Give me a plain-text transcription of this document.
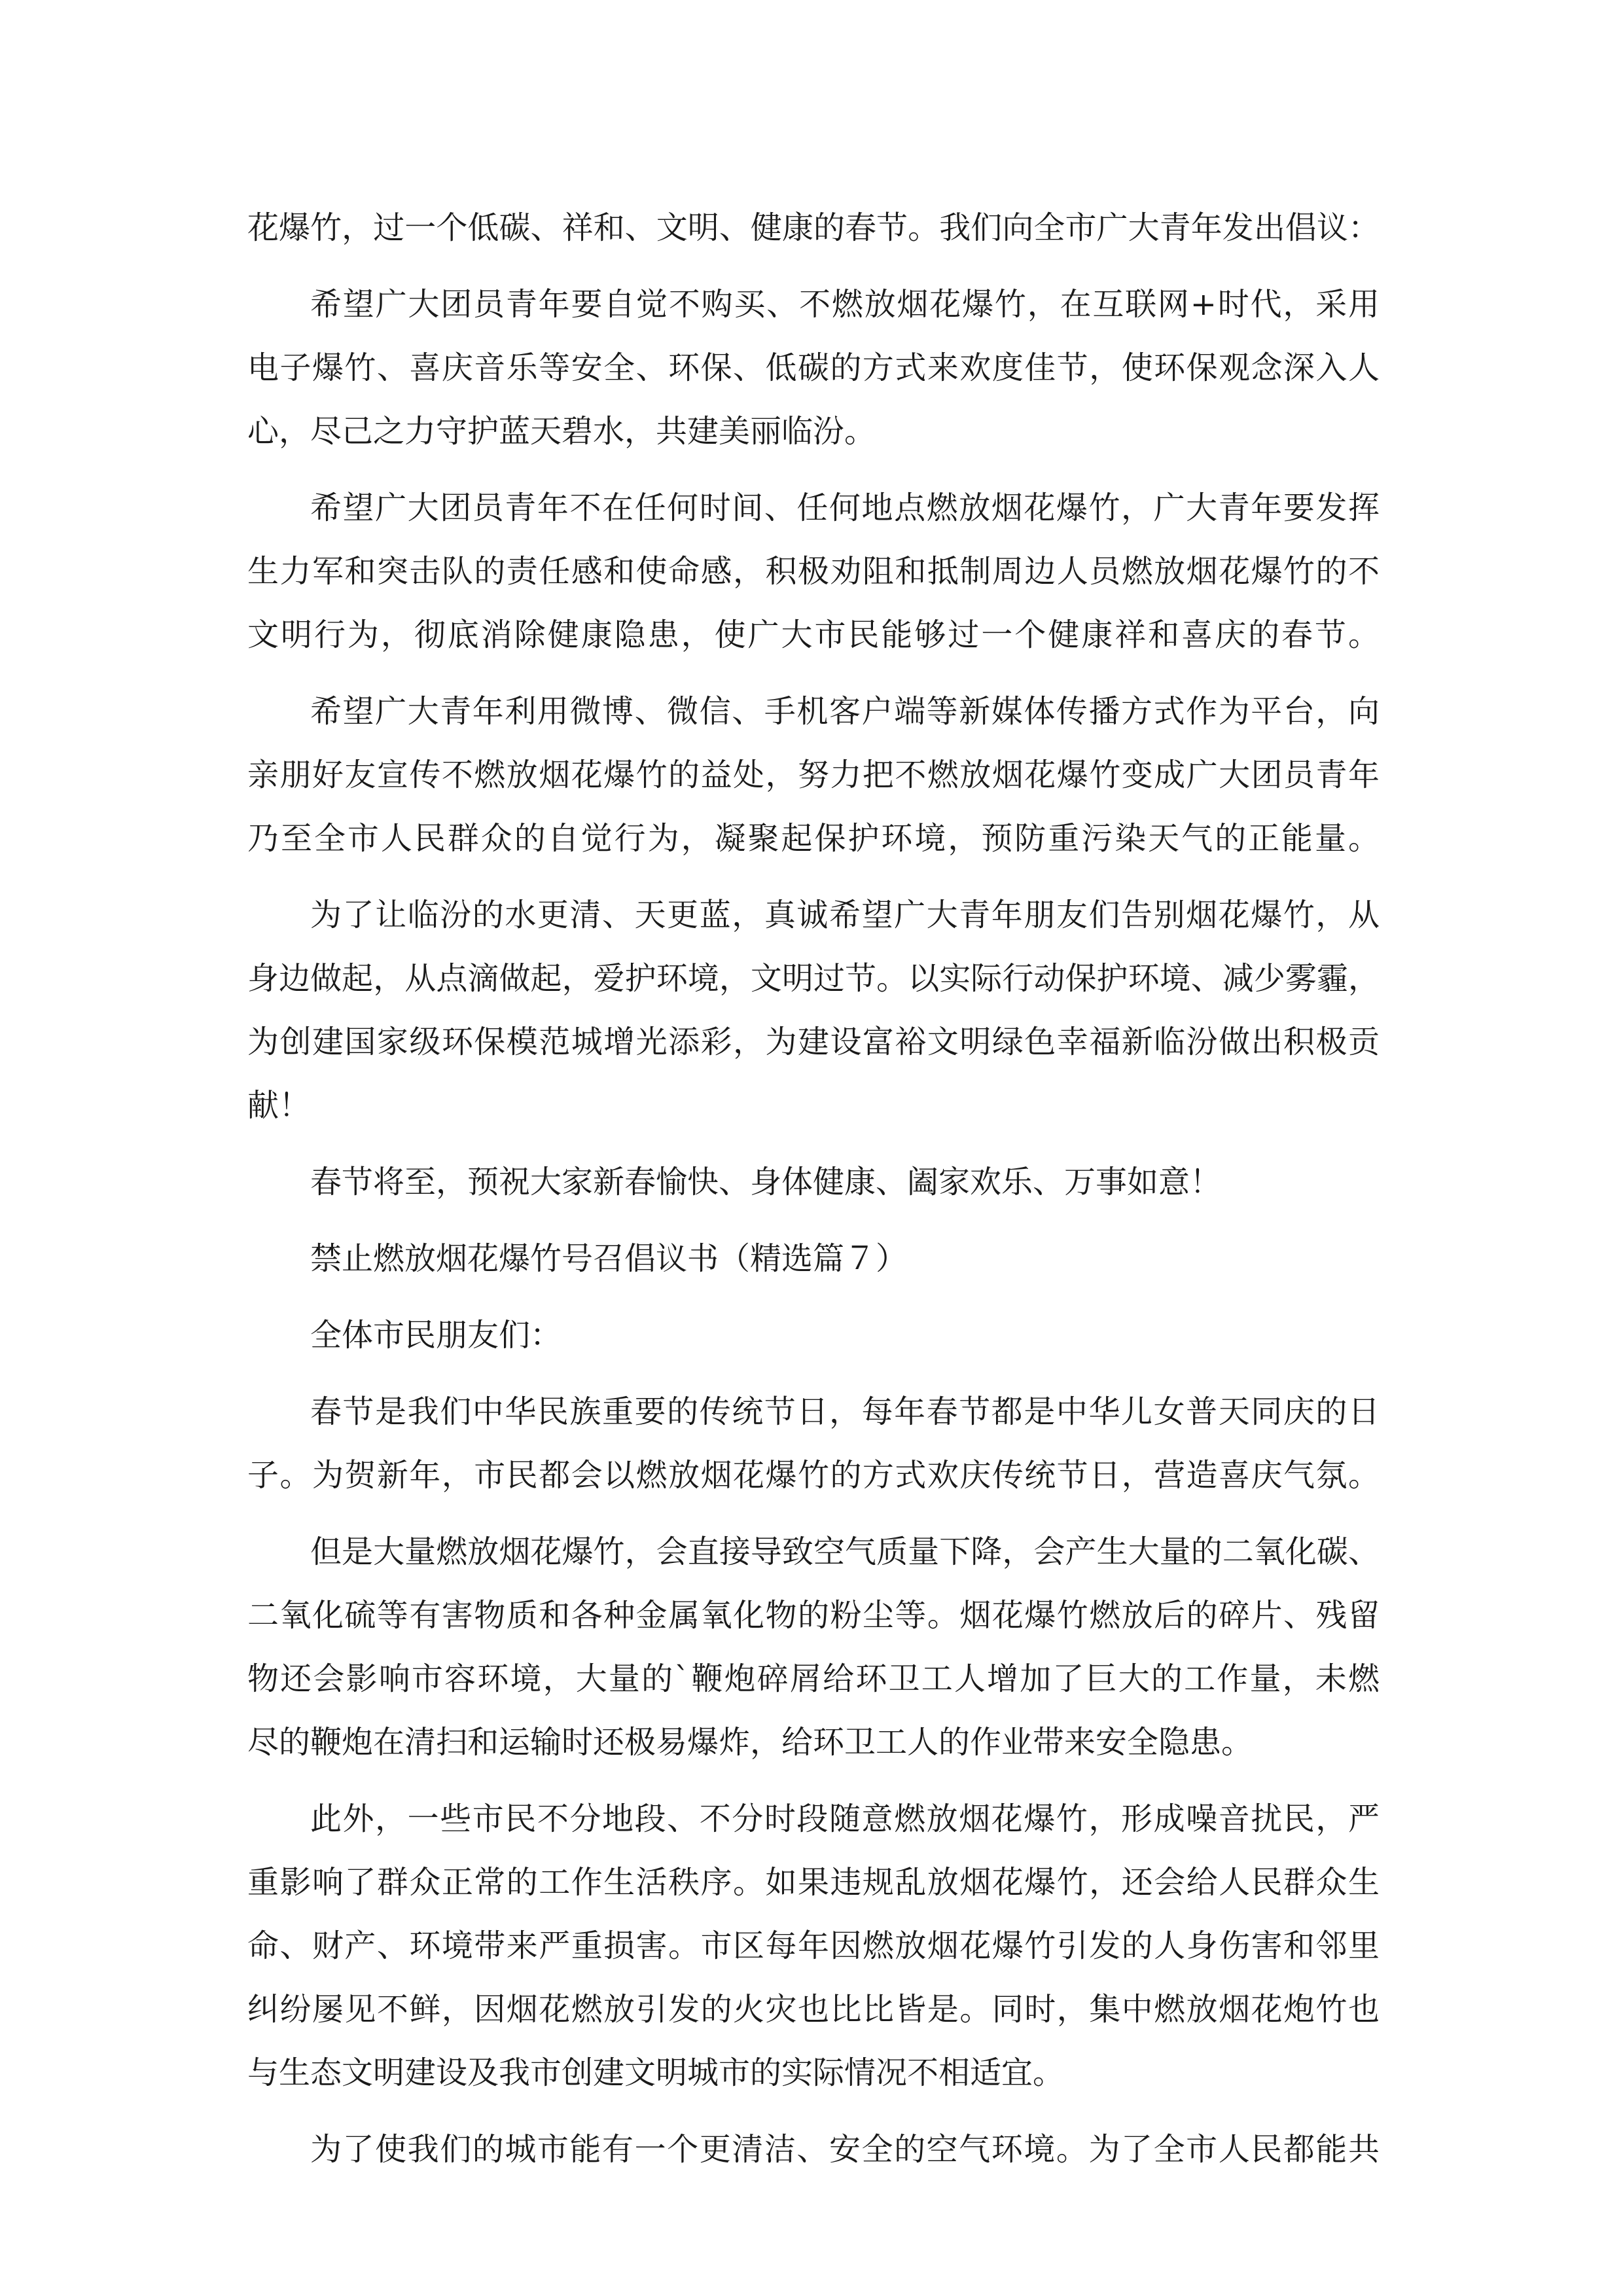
花爆竹，过一个低碳、祥和、文明、健康的春节。我们向全市广大青年发出倡议：
希望广大团员青年要自觉不购买、不燃放烟花爆竹，在互联网+时代，采用
电子爆竹、喜庆音乐等安全、环保、低碳的方式来欢度佳节，使环保观念深入人
心，尽己之力守护蓝天碧水，共建美丽临汾。
希望广大团员青年不在任何时间、任何地点燃放烟花爆竹，广大青年要发挥
生力军和突击队的责任感和使命感，积极劝阻和抵制周边人员燃放烟花爆竹的不
文明行为，彻底消除健康隐患，使广大市民能够过一个健康祥和喜庆的春节。
希望广大青年利用微博、微信、手机客户端等新媒体传播方式作为平台，向
亲朋好友宣传不燃放烟花爆竹的益处，努力把不燃放烟花爆竹变成广大团员青年
乃至全市人民群众的自觉行为，凝聚起保护环境，预防重污染天气的正能量。
为了让临汾的水更清、天更蓝，真诚希望广大青年朋友们告别烟花爆竹，从
身边做起，从点滴做起，爱护环境，文明过节。以实际行动保护环境、减少雾霾，
为创建国家级环保模范城增光添彩，为建设富裕文明绿色幸福新临汾做出积极贡
献！
春节将至，预祝大家新春愉快、身体健康、阖家欢乐、万事如意！
禁止燃放烟花爆竹号召倡议书（精选篇７）
全体市民朋友们：
春节是我们中华民族重要的传统节日，每年春节都是中华儿女普天同庆的日
子。为贺新年，市民都会以燃放烟花爆竹的方式欢庆传统节日，营造喜庆气氛。
但是大量燃放烟花爆竹，会直接导致空气质量下降，会产生大量的二氧化碳、
二氧化硫等有害物质和各种金属氧化物的粉尘等。烟花爆竹燃放后的碎片、残留
物还会影响市容环境，大量的`鞭炮碎屑给环卫工人增加了巨大的工作量，未燃
尽的鞭炮在清扫和运输时还极易爆炸，给环卫工人的作业带来安全隐患。
此外，一些市民不分地段、不分时段随意燃放烟花爆竹，形成噪音扰民，严
重影响了群众正常的工作生活秩序。如果违规乱放烟花爆竹，还会给人民群众生
命、财产、环境带来严重损害。市区每年因燃放烟花爆竹引发的人身伤害和邻里
纠纷屡见不鲜，因烟花燃放引发的火灾也比比皆是。同时，集中燃放烟花炮竹也
与生态文明建设及我市创建文明城市的实际情况不相适宜。
为了使我们的城市能有一个更清洁、安全的空气环境。为了全市人民都能共
